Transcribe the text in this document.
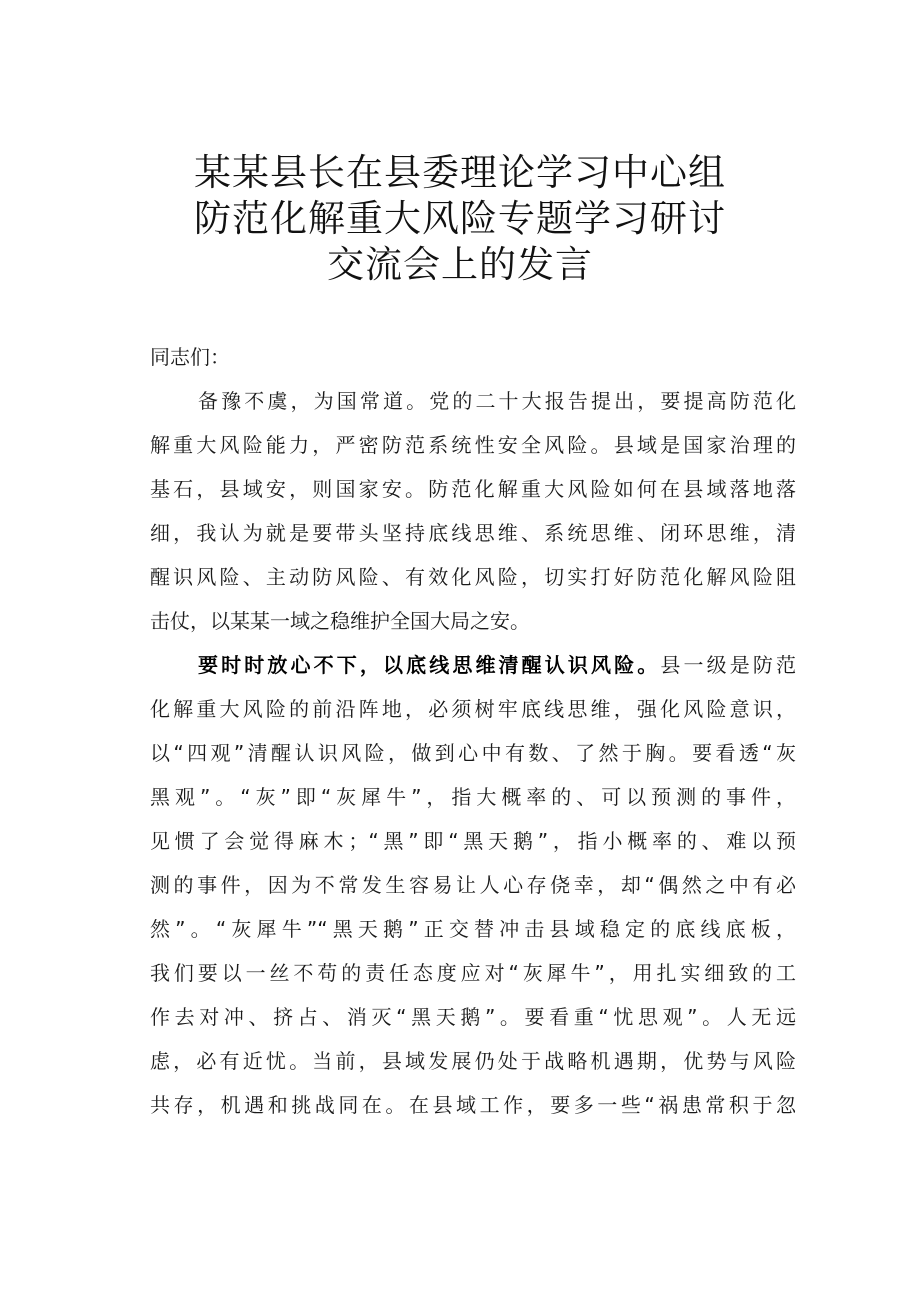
某某县长在县委理论学习中心组
防范化解重大风险专题学习研讨
交流会上的发言
同志们：
备豫不虞，为国常道。党的二十大报告提出，要提高防范化
解重大风险能力，严密防范系统性安全风险。县域是国家治理的
基石，县域安，则国家安。防范化解重大风险如何在县域落地落
细，我认为就是要带头坚持底线思维、系统思维、闭环思维，清
醒识风险、主动防风险、有效化风险，切实打好防范化解风险阻
击仗，以某某一域之稳维护全国大局之安。
要时时放心不下，以底线思维清醒认识风险。县一级是防范
化解重大风险的前沿阵地，必须树牢底线思维，强化风险意识，
以“四观”清醒认识风险，做到心中有数、了然于胸。要看透“灰
黑观”。“灰”即“灰犀牛”，指大概率的、可以预测的事件，
见惯了会觉得麻木；“黑”即“黑天鹅”，指小概率的、难以预
测的事件，因为不常发生容易让人心存侥幸，却“偶然之中有必
然”。“灰犀牛”“黑天鹅”正交替冲击县域稳定的底线底板，
我们要以一丝不苟的责任态度应对“灰犀牛”，用扎实细致的工
作去对冲、挤占、消灭“黑天鹅”。要看重“忧思观”。人无远
虑，必有近忧。当前，县域发展仍处于战略机遇期，优势与风险
共存，机遇和挑战同在。在县域工作，要多一些“祸患常积于忽
